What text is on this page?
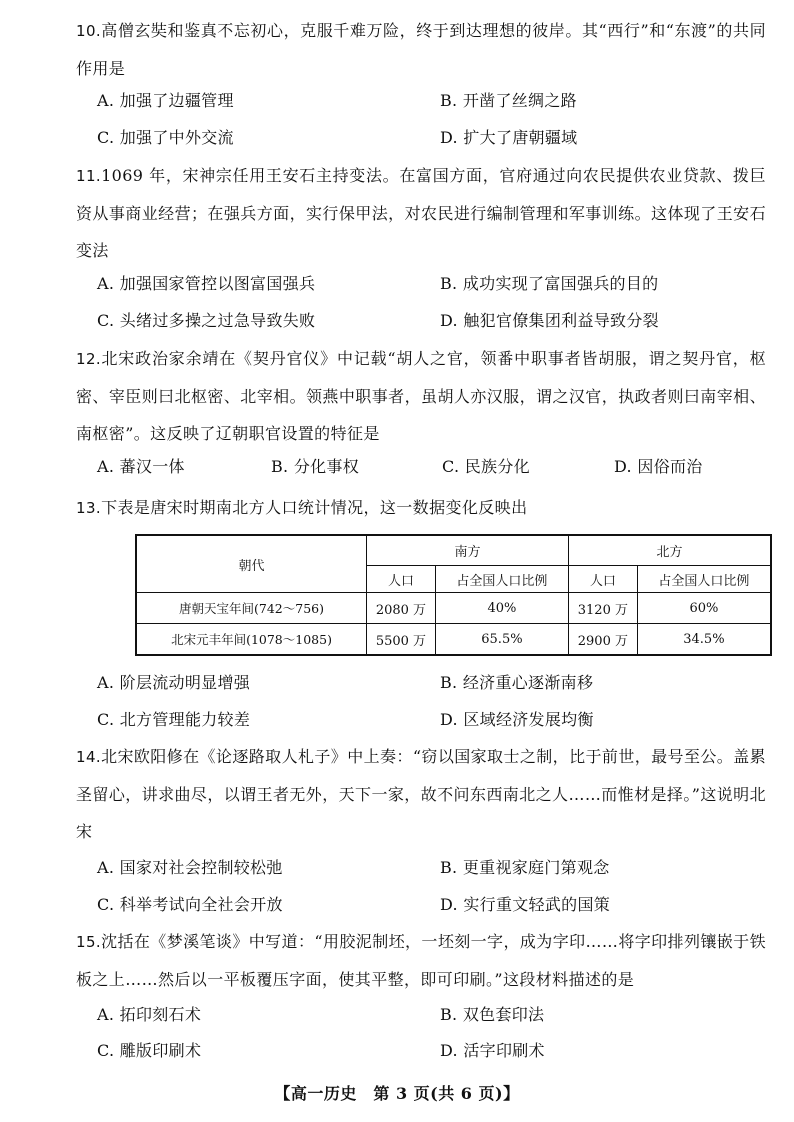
10.高僧玄奘和鉴真不忘初心，克服千难万险，终于到达理想的彼岸。其“西行”和“东渡”的共同作用是
A. 加强了边疆管理	B. 开凿了丝绸之路
C. 加强了中外交流	D. 扩大了唐朝疆域
11.1069 年，宋神宗任用王安石主持变法。在富国方面，官府通过向农民提供农业贷款、拨巨资从事商业经营；在强兵方面，实行保甲法，对农民进行编制管理和军事训练。这体现了王安石变法
A. 加强国家管控以图富国强兵	B. 成功实现了富国强兵的目的
C. 头绪过多操之过急导致失败	D. 触犯官僚集团利益导致分裂
12.北宋政治家余靖在《契丹官仪》中记载“胡人之官，领番中职事者皆胡服，谓之契丹官，枢密、宰臣则曰北枢密、北宰相。领燕中职事者，虽胡人亦汉服，谓之汉官，执政者则曰南宰相、南枢密”。这反映了辽朝职官设置的特征是
A. 蕃汉一体	B. 分化事权	C. 民族分化	D. 因俗而治
13.下表是唐宋时期南北方人口统计情况，这一数据变化反映出
朝代	南方		北方	
	人口	占全国人口比例	人口	占全国人口比例
唐朝天宝年间(742～756)	2080 万	40%	3120 万	60%
北宋元丰年间(1078～1085)	5500 万	65.5%	2900 万	34.5%
A. 阶层流动明显增强	B. 经济重心逐渐南移
C. 北方管理能力较差	D. 区域经济发展均衡
14.北宋欧阳修在《论逐路取人札子》中上奏：“窃以国家取士之制，比于前世，最号至公。盖累圣留心，讲求曲尽，以谓王者无外，天下一家，故不问东西南北之人……而惟材是择。”这说明北宋
A. 国家对社会控制较松弛	B. 更重视家庭门第观念
C. 科举考试向全社会开放	D. 实行重文轻武的国策
15.沈括在《梦溪笔谈》中写道：“用胶泥制坯，一坯刻一字，成为字印……将字印排列镶嵌于铁板之上……然后以一平板覆压字面，使其平整，即可印刷。”这段材料描述的是
A. 拓印刻石术	B. 双色套印法
C. 雕版印刷术	D. 活字印刷术
【高一历史　第 3 页(共 6 页)】
